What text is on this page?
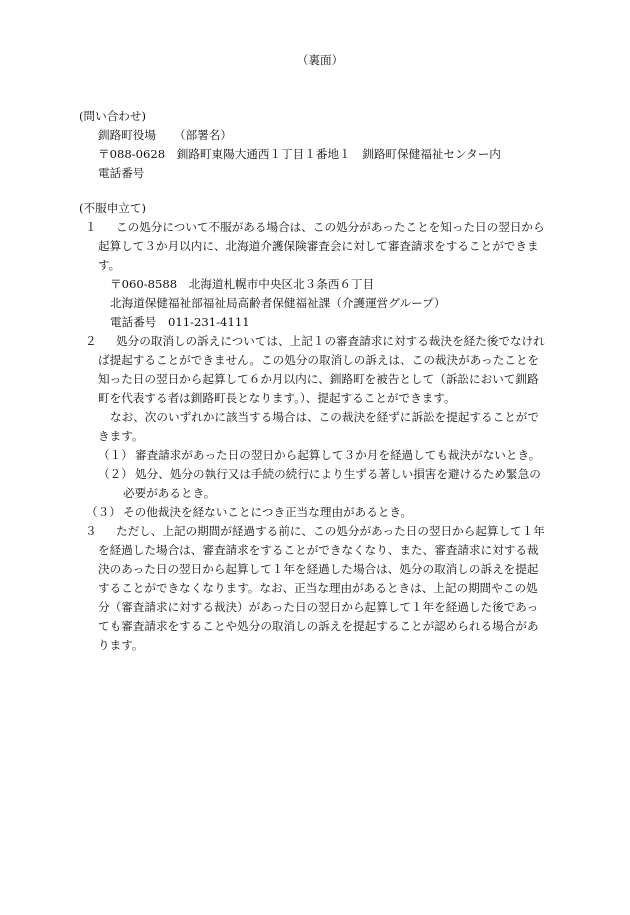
（裏面）
(問い合わせ)
釧路町役場 （部署名）
〒088-0628　釧路町東陽大通西１丁目１番地１　釧路町保健福祉センター内
電話番号
(不服申立て)
１	この処分について不服がある場合は、この処分があったことを知った日の翌日から
起算して３か月以内に、北海道介護保険審査会に対して審査請求をすることができま
す。
〒060-8588　北海道札幌市中央区北３条西６丁目
北海道保健福祉部福祉局高齢者保健福祉課（介護運営グループ）
電話番号　011-231-4111
２	処分の取消しの訴えについては、上記１の審査請求に対する裁決を経た後でなけれ
ば提起することができません。この処分の取消しの訴えは、この裁決があったことを
知った日の翌日から起算して６か月以内に、釧路町を被告として（訴訟において釧路
町を代表する者は釧路町長となります。）、提起することができます。
なお、次のいずれかに該当する場合は、この裁決を経ずに訴訟を提起することがで
きます。
（１） 審査請求があった日の翌日から起算して３か月を経過しても裁決がないとき。
（２） 処分、処分の執行又は手続の続行により生ずる著しい損害を避けるため緊急の
必要があるとき。
（３） その他裁決を経ないことにつき正当な理由があるとき。
３	ただし、上記の期間が経過する前に、この処分があった日の翌日から起算して１年
を経過した場合は、審査請求をすることができなくなり、また、審査請求に対する裁
決のあった日の翌日から起算して１年を経過した場合は、処分の取消しの訴えを提起
することができなくなります。なお、正当な理由があるときは、上記の期間やこの処
分（審査請求に対する裁決）があった日の翌日から起算して１年を経過した後であっ
ても審査請求をすることや処分の取消しの訴えを提起することが認められる場合があ
ります。
